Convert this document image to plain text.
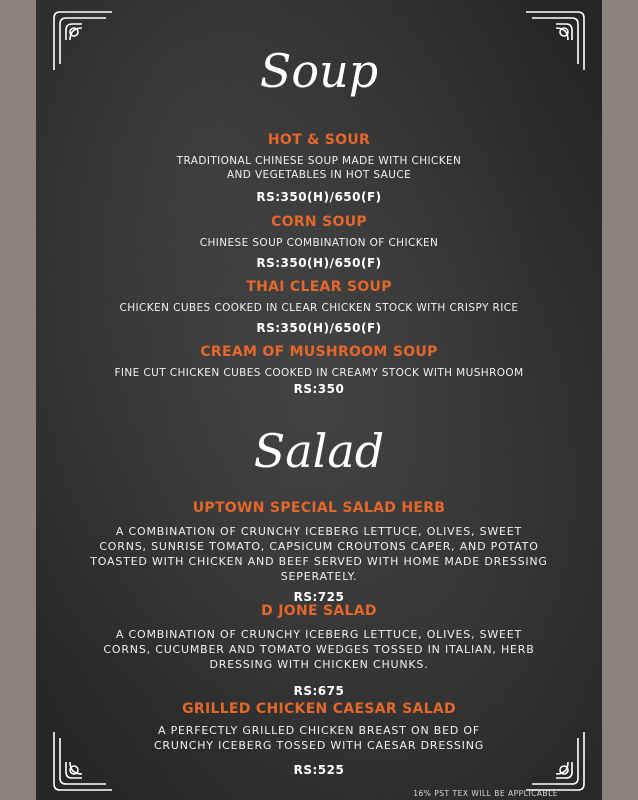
Soup
HOT & SOUR
TRADITIONAL CHINESE SOUP MADE WITH CHICKEN
AND VEGETABLES IN HOT SAUCE
RS:350(H)/650(F)
CORN SOUP
CHINESE SOUP COMBINATION OF CHICKEN
RS:350(H)/650(F)
THAI CLEAR SOUP
CHICKEN CUBES COOKED IN CLEAR CHICKEN STOCK WITH CRISPY RICE
RS:350(H)/650(F)
CREAM OF MUSHROOM SOUP
FINE CUT CHICKEN CUBES COOKED IN CREAMY STOCK WITH MUSHROOM
RS:350
Salad
UPTOWN SPECIAL SALAD HERB
A COMBINATION OF CRUNCHY ICEBERG LETTUCE, OLIVES, SWEET
CORNS, SUNRISE TOMATO, CAPSICUM CROUTONS CAPER, AND POTATO
TOASTED WITH CHICKEN AND BEEF SERVED WITH HOME MADE DRESSING
SEPERATELY.
RS:725
D JONE SALAD
A COMBINATION OF CRUNCHY ICEBERG LETTUCE, OLIVES, SWEET
CORNS, CUCUMBER AND TOMATO WEDGES TOSSED IN ITALIAN, HERB
DRESSING WITH CHICKEN CHUNKS.
RS:675
GRILLED CHICKEN CAESAR SALAD
A PERFECTLY GRILLED CHICKEN BREAST ON BED OF
CRUNCHY ICEBERG TOSSED WITH CAESAR DRESSING
RS:525
16% PST TEX WILL BE APPLICABLE
